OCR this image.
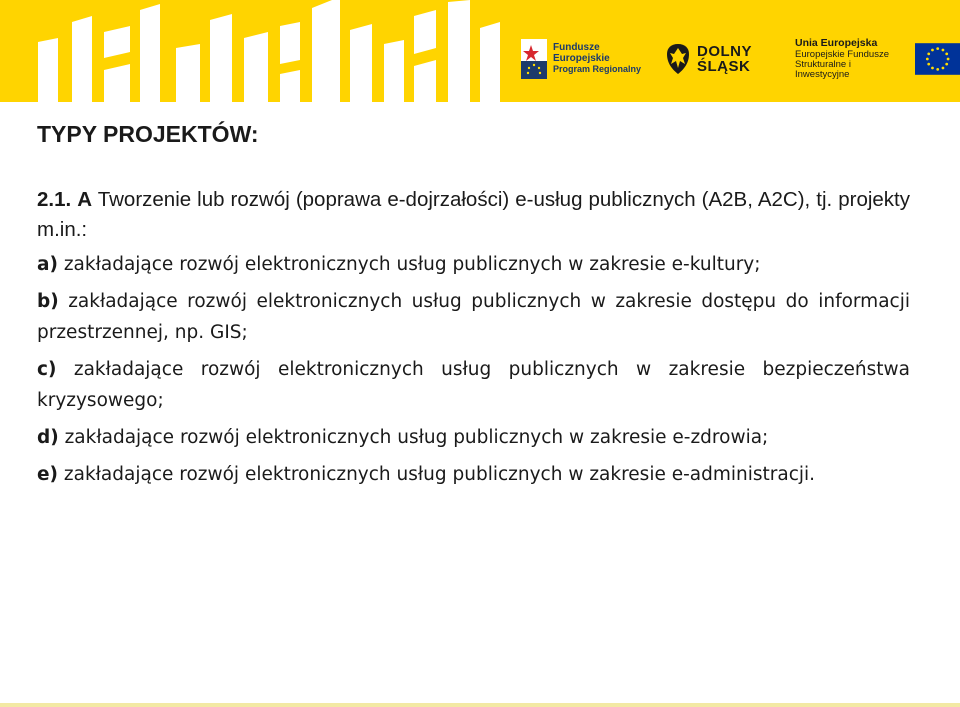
Fundusze
Europejskie
Program Regionalny
DOLNY
ŚLĄSK
Unia Europejska
Europejskie Fundusze
Strukturalne i Inwestycyjne
TYPY PROJEKTÓW:
2.1. A Tworzenie lub rozwój (poprawa e-dojrzałości) e-usług publicznych (A2B, A2C), tj. projekty m.in.:
a) zakładające rozwój elektronicznych usług publicznych w zakresie e-kultury;
b) zakładające rozwój elektronicznych usług publicznych w zakresie dostępu do informacji przestrzennej, np. GIS;
c) zakładające rozwój elektronicznych usług publicznych w zakresie bezpieczeństwa kryzysowego;
d) zakładające rozwój elektronicznych usług publicznych w zakresie e-zdrowia;
e) zakładające rozwój elektronicznych usług publicznych w zakresie e-administracji.
